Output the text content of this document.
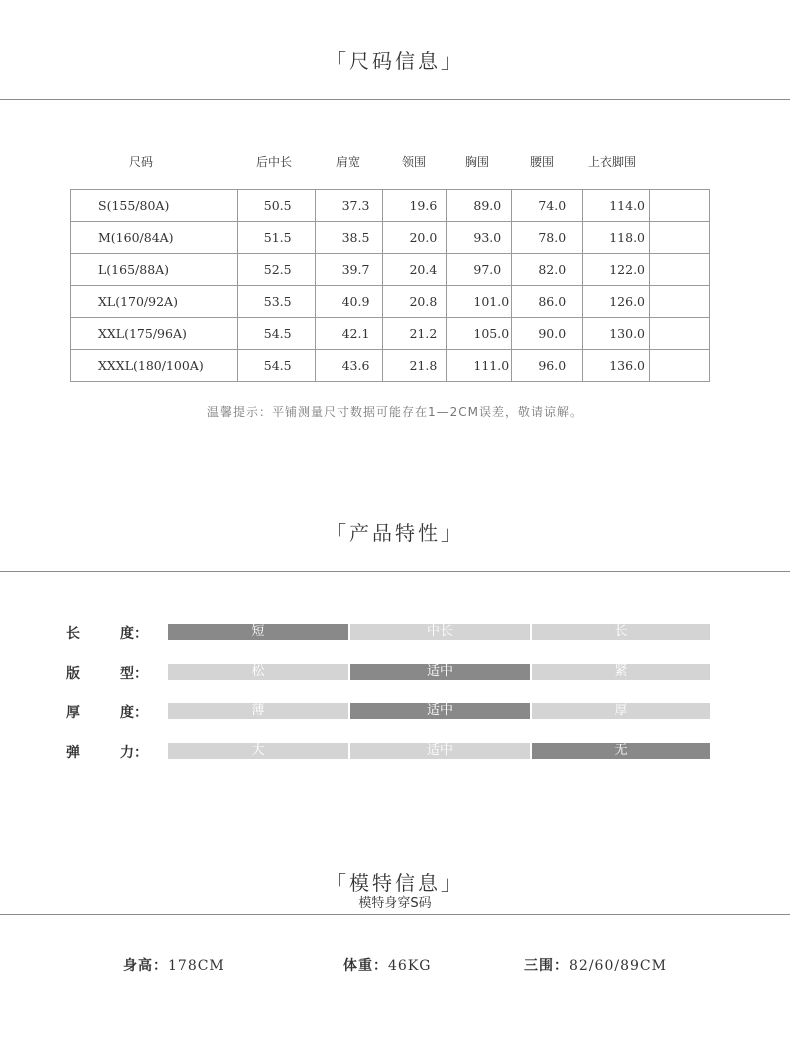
「尺码信息」
尺码	后中长	肩宽	领围	胸围	腰围	上衣脚围
S(155/80A)	50.5	37.3	19.6	89.0	74.0	114.0	
M(160/84A)	51.5	38.5	20.0	93.0	78.0	118.0	
L(165/88A)	52.5	39.7	20.4	97.0	82.0	122.0	
XL(170/92A)	53.5	40.9	20.8	101.0	86.0	126.0	
XXL(175/96A)	54.5	42.1	21.2	105.0	90.0	130.0	
XXXL(180/100A)	54.5	43.6	21.8	111.0	96.0	136.0	
温馨提示：平铺测量尺寸数据可能存在1—2CM误差，敬请谅解。
「产品特性」
长	度：	短	中长	长
版	型：	松	适中	紧
厚	度：	薄	适中	厚
弹	力：	大	适中	无
「模特信息」
模特身穿S码
身高：178CM	体重：46KG	三围：82/60/89CM
